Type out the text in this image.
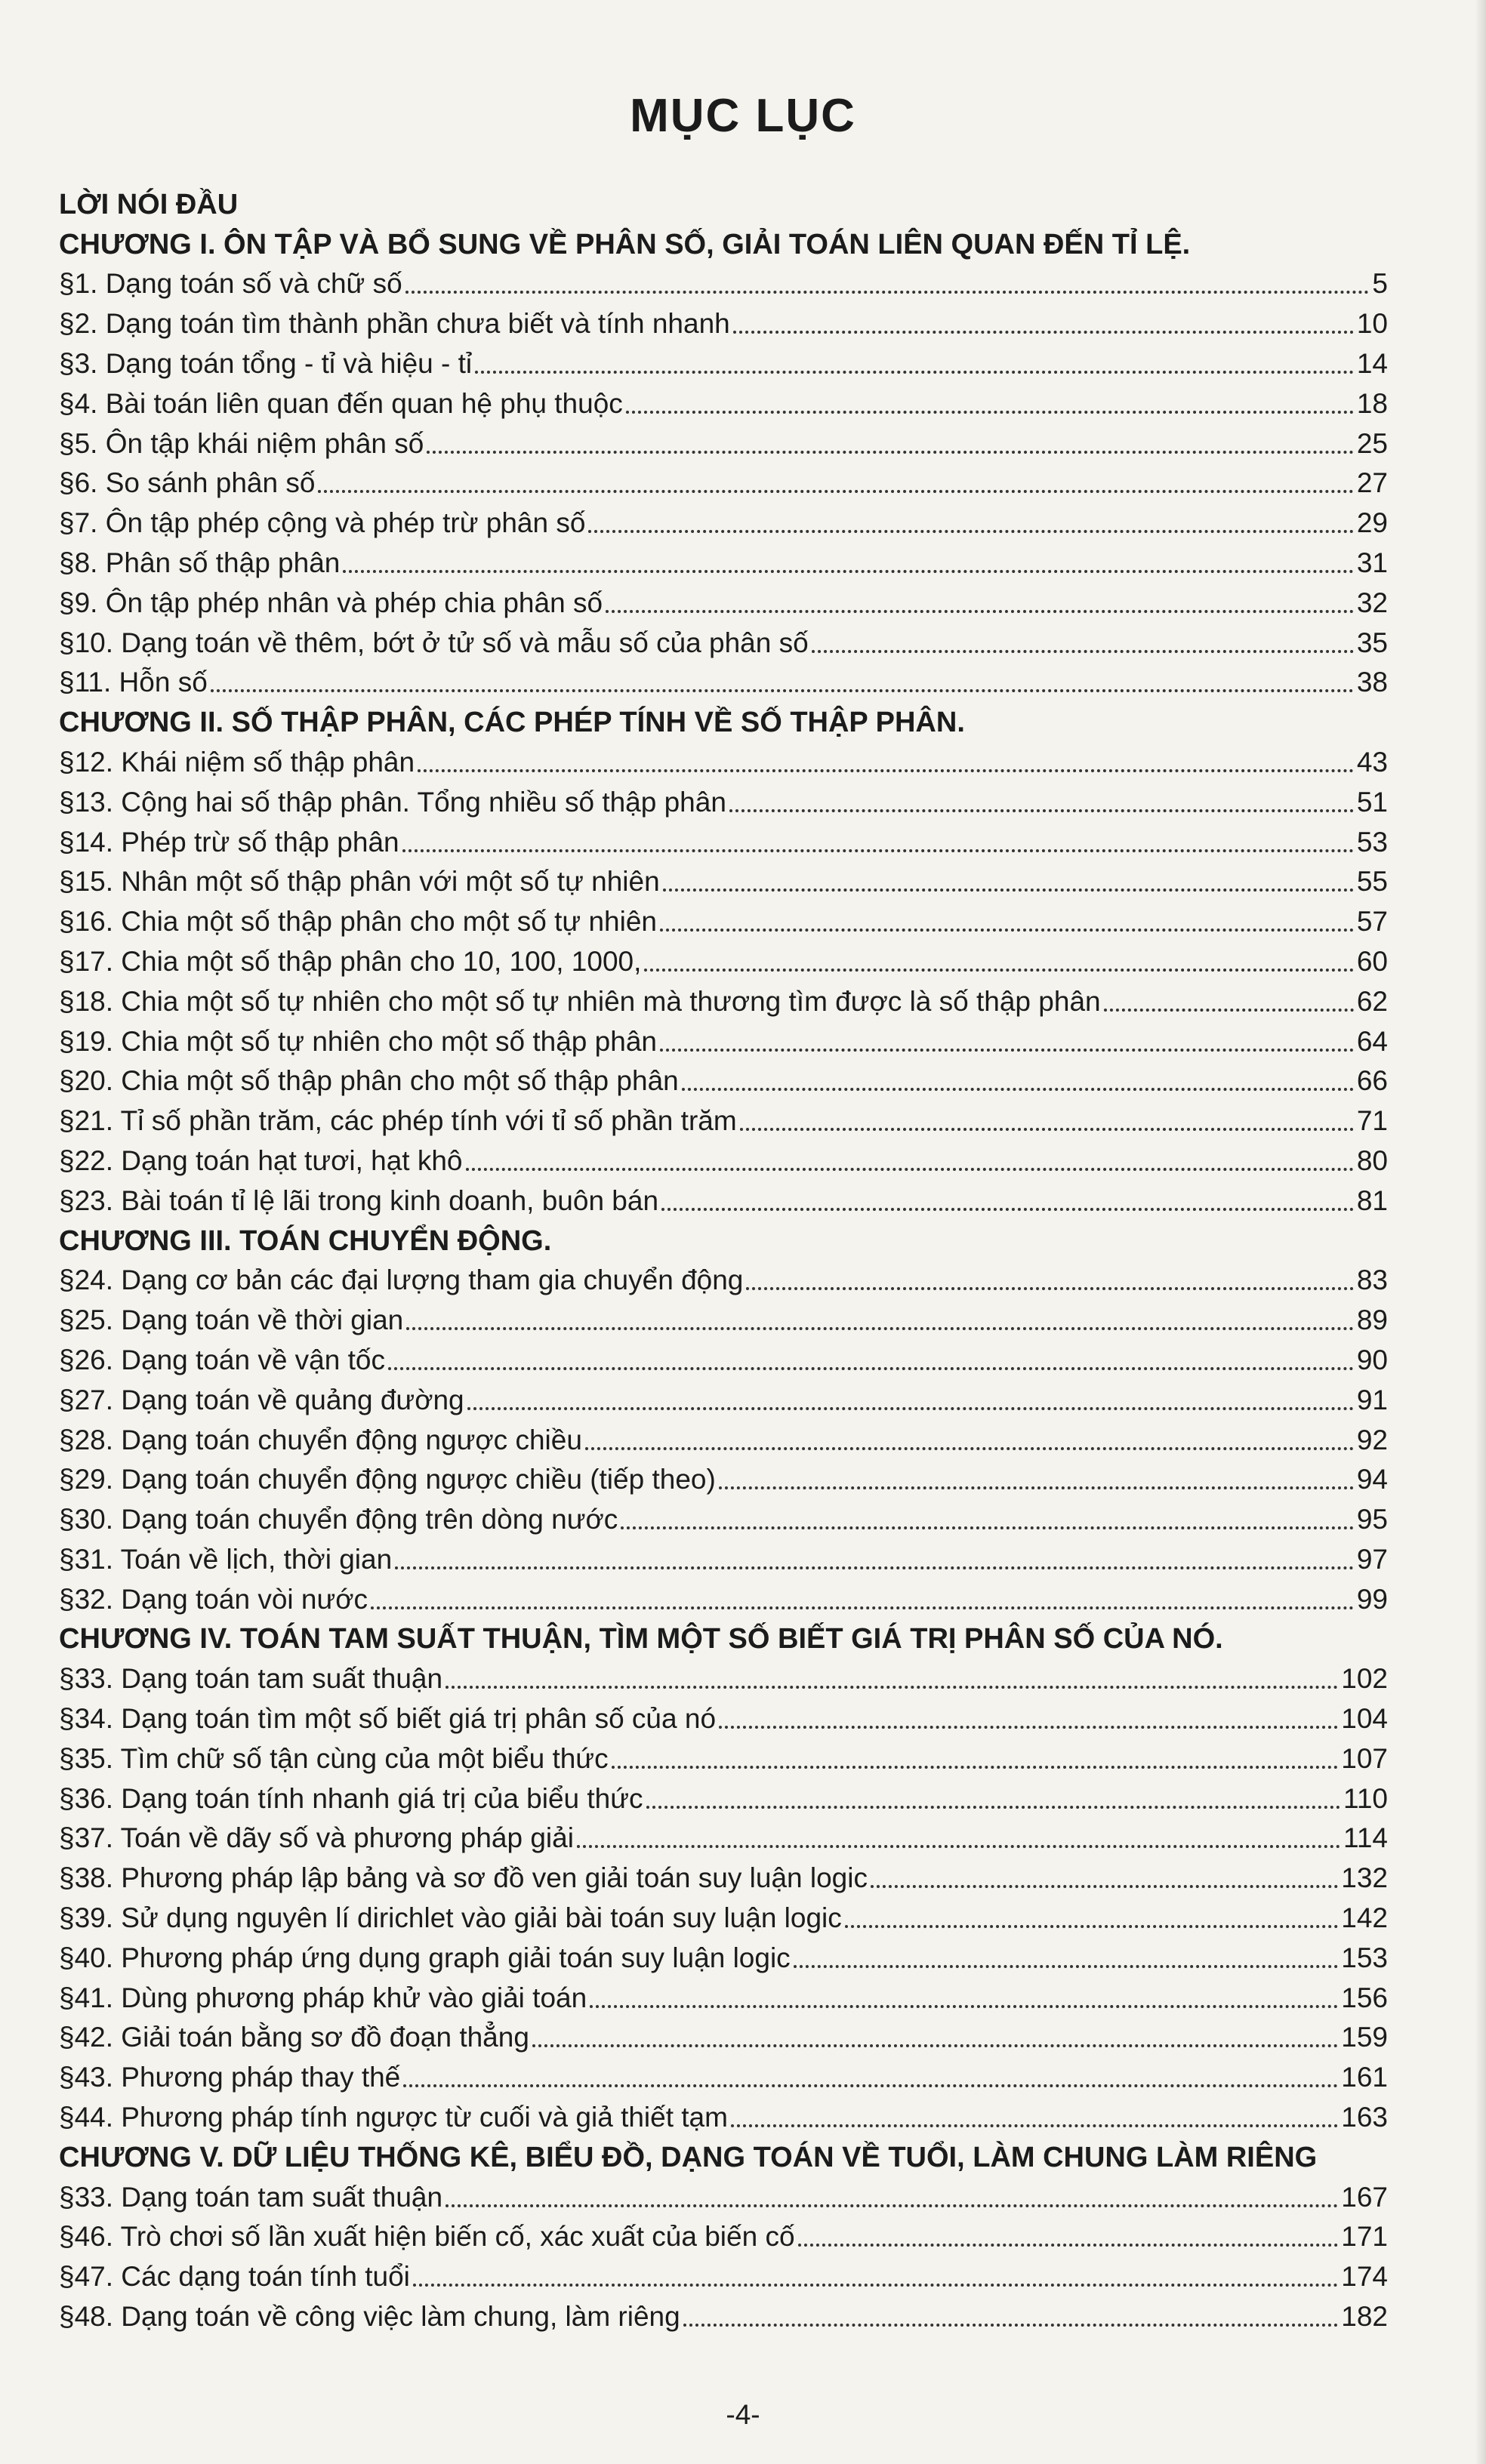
MỤC LỤC
LỜI NÓI ĐẦU
CHƯƠNG I. ÔN TẬP VÀ BỔ SUNG VỀ PHÂN SỐ, GIẢI TOÁN LIÊN QUAN ĐẾN TỈ LỆ.
§1. Dạng toán số và chữ số	5
§2. Dạng toán tìm thành phần chưa biết và tính nhanh	10
§3. Dạng toán tổng - tỉ và hiệu - tỉ	14
§4. Bài toán liên quan đến quan hệ phụ thuộc	18
§5. Ôn tập khái niệm phân số	25
§6. So sánh phân số	27
§7. Ôn tập phép cộng và phép trừ phân số	29
§8. Phân số thập phân	31
§9. Ôn tập phép nhân và phép chia phân số	32
§10. Dạng toán về thêm, bớt ở tử số và mẫu số của phân số	35
§11. Hỗn số	38
CHƯƠNG II. SỐ THẬP PHÂN, CÁC PHÉP TÍNH VỀ SỐ THẬP PHÂN.
§12. Khái niệm số thập phân	43
§13. Cộng hai số thập phân. Tổng nhiều số thập phân	51
§14. Phép trừ số thập phân	53
§15. Nhân một số thập phân với một số tự nhiên	55
§16. Chia một số thập phân cho một số tự nhiên	57
§17. Chia một số thập phân cho 10, 100, 1000,	60
§18. Chia một số tự nhiên cho một số tự nhiên mà thương tìm được là số thập phân	62
§19. Chia một số tự nhiên cho một số thập phân	64
§20. Chia một số thập phân cho một số thập phân	66
§21. Tỉ số phần trăm, các phép tính với tỉ số phần trăm	71
§22. Dạng toán hạt tươi, hạt khô	80
§23. Bài toán tỉ lệ lãi trong kinh doanh, buôn bán	81
CHƯƠNG III. TOÁN CHUYỂN ĐỘNG.
§24. Dạng cơ bản các đại lượng tham gia chuyển động	83
§25. Dạng toán về thời gian	89
§26. Dạng toán về vận tốc	90
§27. Dạng toán về quảng đường	91
§28. Dạng toán chuyển động ngược chiều	92
§29. Dạng toán chuyển động ngược chiều (tiếp theo)	94
§30. Dạng toán chuyển động trên dòng nước	95
§31. Toán về lịch, thời gian	97
§32. Dạng toán vòi nước	99
CHƯƠNG IV. TOÁN TAM SUẤT THUẬN, TÌM MỘT SỐ BIẾT GIÁ TRỊ PHÂN SỐ CỦA NÓ.
§33. Dạng toán tam suất thuận	102
§34. Dạng toán tìm một số biết giá trị phân số của nó	104
§35. Tìm chữ số tận cùng của một biểu thức	107
§36. Dạng toán tính nhanh giá trị của biểu thức	110
§37. Toán về dãy số và phương pháp giải	114
§38. Phương pháp lập bảng và sơ đồ ven giải toán suy luận logic	132
§39. Sử dụng nguyên lí dirichlet vào giải bài toán suy luận logic	142
§40. Phương pháp ứng dụng graph giải toán suy luận logic	153
§41. Dùng phương pháp khử vào giải toán	156
§42. Giải toán bằng sơ đồ đoạn thẳng	159
§43. Phương pháp thay thế	161
§44. Phương pháp tính ngược từ cuối và giả thiết tạm	163
CHƯƠNG V. DỮ LIỆU THỐNG KÊ, BIỂU ĐỒ, DẠNG TOÁN VỀ TUỔI, LÀM CHUNG LÀM RIÊNG
§33. Dạng toán tam suất thuận	167
§46. Trò chơi số lần xuất hiện biến cố, xác xuất của biến cố	171
§47. Các dạng toán tính tuổi	174
§48. Dạng toán về công việc làm chung, làm riêng	182
-4-
